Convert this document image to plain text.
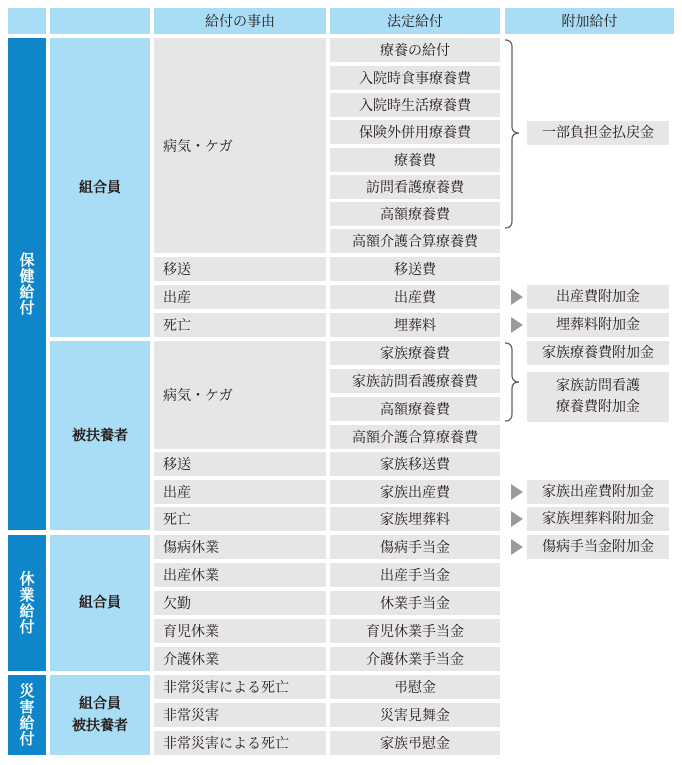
給付の事由	法定給付	附加給付
保健給付
休業給付
災害給付
組合員
被扶養者
組合員
組合員
被扶養者
病気・ケガ
移送
出産
死亡
療養の給付
入院時食事療養費
入院時生活療養費
保険外併用療養費
療養費
訪問看護療養費
高額療養費
高額介護合算療養費
移送費
出産費
埋葬料
一部負担金払戻金
出産費附加金
埋葬料附加金
病気・ケガ
移送
出産
死亡
家族療養費
家族訪問看護療養費
高額療養費
高額介護合算療養費
家族移送費
家族出産費
家族埋葬料
家族療養費附加金
家族訪問看護
療養費附加金
家族出産費附加金
家族埋葬料附加金
傷病休業
出産休業
欠勤
育児休業
介護休業
傷病手当金
出産手当金
休業手当金
育児休業手当金
介護休業手当金
傷病手当金附加金
非常災害による死亡
非常災害
非常災害による死亡
弔慰金
災害見舞金
家族弔慰金
